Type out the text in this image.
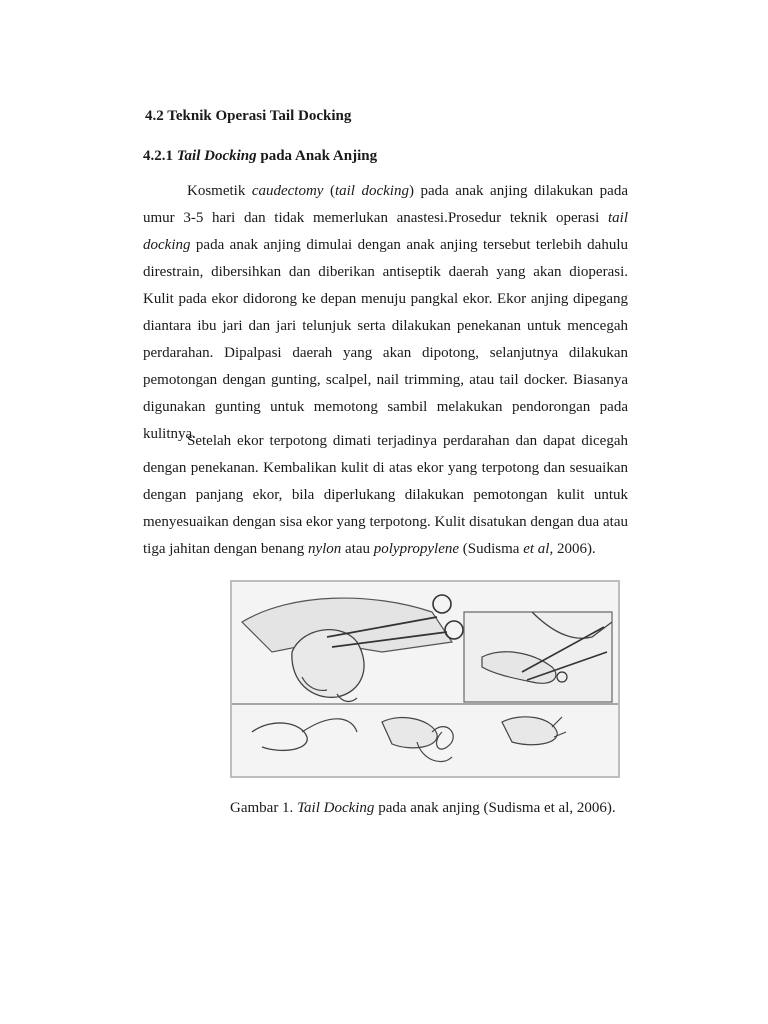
4.2 Teknik Operasi Tail Docking
4.2.1 Tail Docking pada Anak Anjing

Kosmetik caudectomy (tail docking) pada anak anjing dilakukan pada umur 3-5 hari dan tidak memerlukan anastesi.Prosedur teknik operasi tail docking pada anak anjing dimulai dengan anak anjing tersebut terlebih dahulu direstrain, dibersihkan dan diberikan antiseptik daerah yang akan dioperasi. Kulit pada ekor didorong ke depan menuju pangkal ekor. Ekor anjing dipegang diantara ibu jari dan jari telunjuk serta dilakukan penekanan untuk mencegah perdarahan. Dipalpasi daerah yang akan dipotong, selanjutnya dilakukan pemotongan dengan gunting, scalpel, nail trimming, atau tail docker. Biasanya digunakan gunting untuk memotong sambil melakukan pendorongan pada kulitnya.

Setelah ekor terpotong dimati terjadinya perdarahan dan dapat dicegah dengan penekanan. Kembalikan kulit di atas ekor yang terpotong dan sesuaikan dengan panjang ekor, bila diperlukang dilakukan pemotongan kulit untuk menyesuaikan dengan sisa ekor yang terpotong. Kulit disatukan dengan dua atau tiga jahitan dengan benang nylon atau polypropylene (Sudisma et al, 2006).

Gambar 1. Tail Docking pada anak anjing (Sudisma et al, 2006).
